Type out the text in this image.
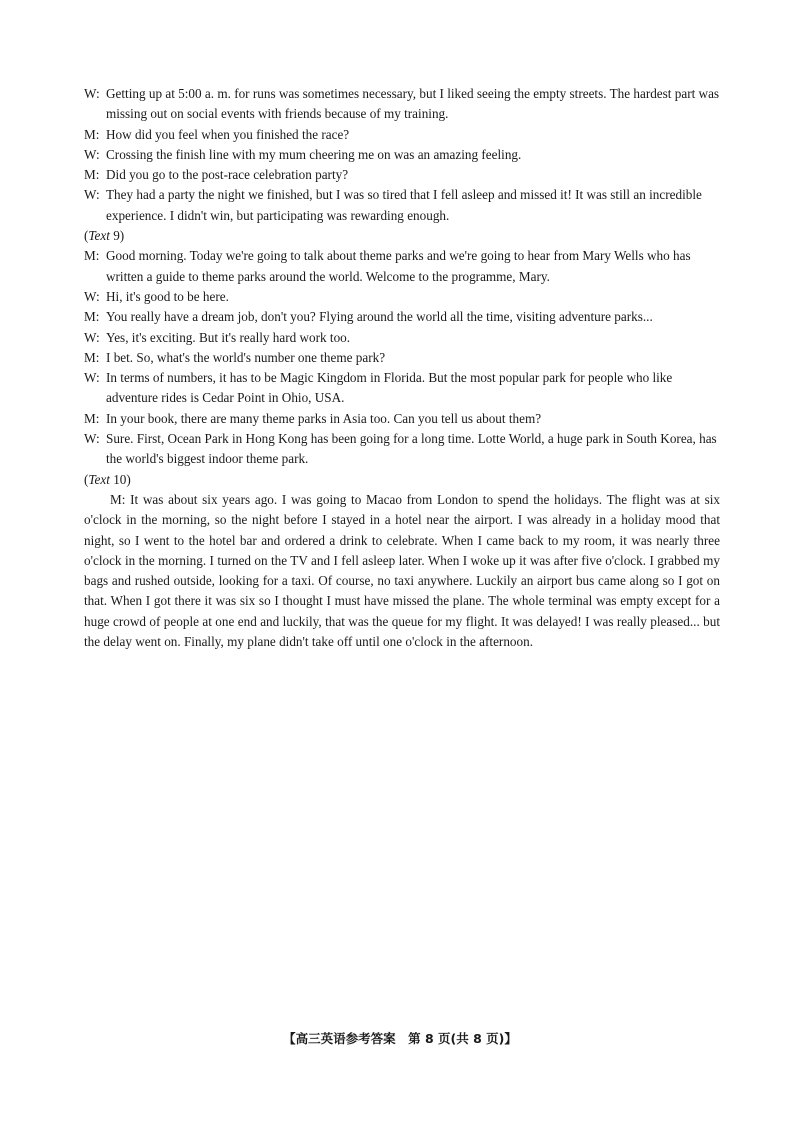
W: Getting up at 5:00 a. m. for runs was sometimes necessary, but I liked seeing the empty streets. The hardest part was missing out on social events with friends because of my training.
M: How did you feel when you finished the race?
W: Crossing the finish line with my mum cheering me on was an amazing feeling.
M: Did you go to the post-race celebration party?
W: They had a party the night we finished, but I was so tired that I fell asleep and missed it! It was still an incredible experience. I didn't win, but participating was rewarding enough.
(Text 9)
M: Good morning. Today we're going to talk about theme parks and we're going to hear from Mary Wells who has written a guide to theme parks around the world. Welcome to the programme, Mary.
W: Hi, it's good to be here.
M: You really have a dream job, don't you? Flying around the world all the time, visiting adventure parks...
W: Yes, it's exciting. But it's really hard work too.
M: I bet. So, what's the world's number one theme park?
W: In terms of numbers, it has to be Magic Kingdom in Florida. But the most popular park for people who like adventure rides is Cedar Point in Ohio, USA.
M: In your book, there are many theme parks in Asia too. Can you tell us about them?
W: Sure. First, Ocean Park in Hong Kong has been going for a long time. Lotte World, a huge park in South Korea, has the world's biggest indoor theme park.
(Text 10)
M: It was about six years ago. I was going to Macao from London to spend the holidays. The flight was at six o'clock in the morning, so the night before I stayed in a hotel near the airport. I was already in a holiday mood that night, so I went to the hotel bar and ordered a drink to celebrate. When I came back to my room, it was nearly three o'clock in the morning. I turned on the TV and I fell asleep later. When I woke up it was after five o'clock. I grabbed my bags and rushed outside, looking for a taxi. Of course, no taxi anywhere. Luckily an airport bus came along so I got on that. When I got there it was six so I thought I must have missed the plane. The whole terminal was empty except for a huge crowd of people at one end and luckily, that was the queue for my flight. It was delayed! I was really pleased... but the delay went on. Finally, my plane didn't take off until one o'clock in the afternoon.
【高三英语参考答案　第 8 页(共 8 页)】
